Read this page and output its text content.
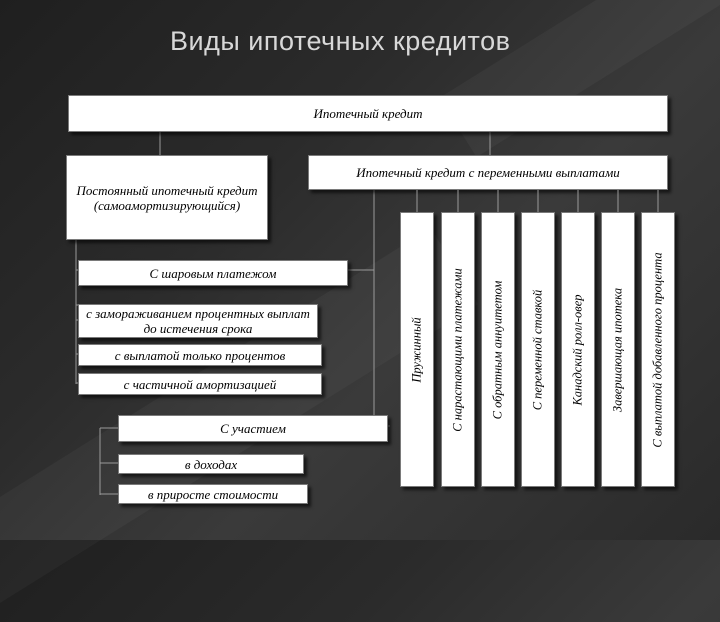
Виды ипотечных кредитов
Ипотечный кредит
Постоянный ипотечный кредит (самоамортизирующийся)
Ипотечный кредит с переменными выплатами
С шаровым платежом
с замораживанием процентных выплат до истечения срока
с выплатой только процентов
с частичной амортизацией
С участием
в доходах
в приросте стоимости
Пружинный С нарастающими платежами С обратным аннуитетом С переменной ставкой Канадский ролл-овер Завершающая ипотека С выплатой добавленного процента
